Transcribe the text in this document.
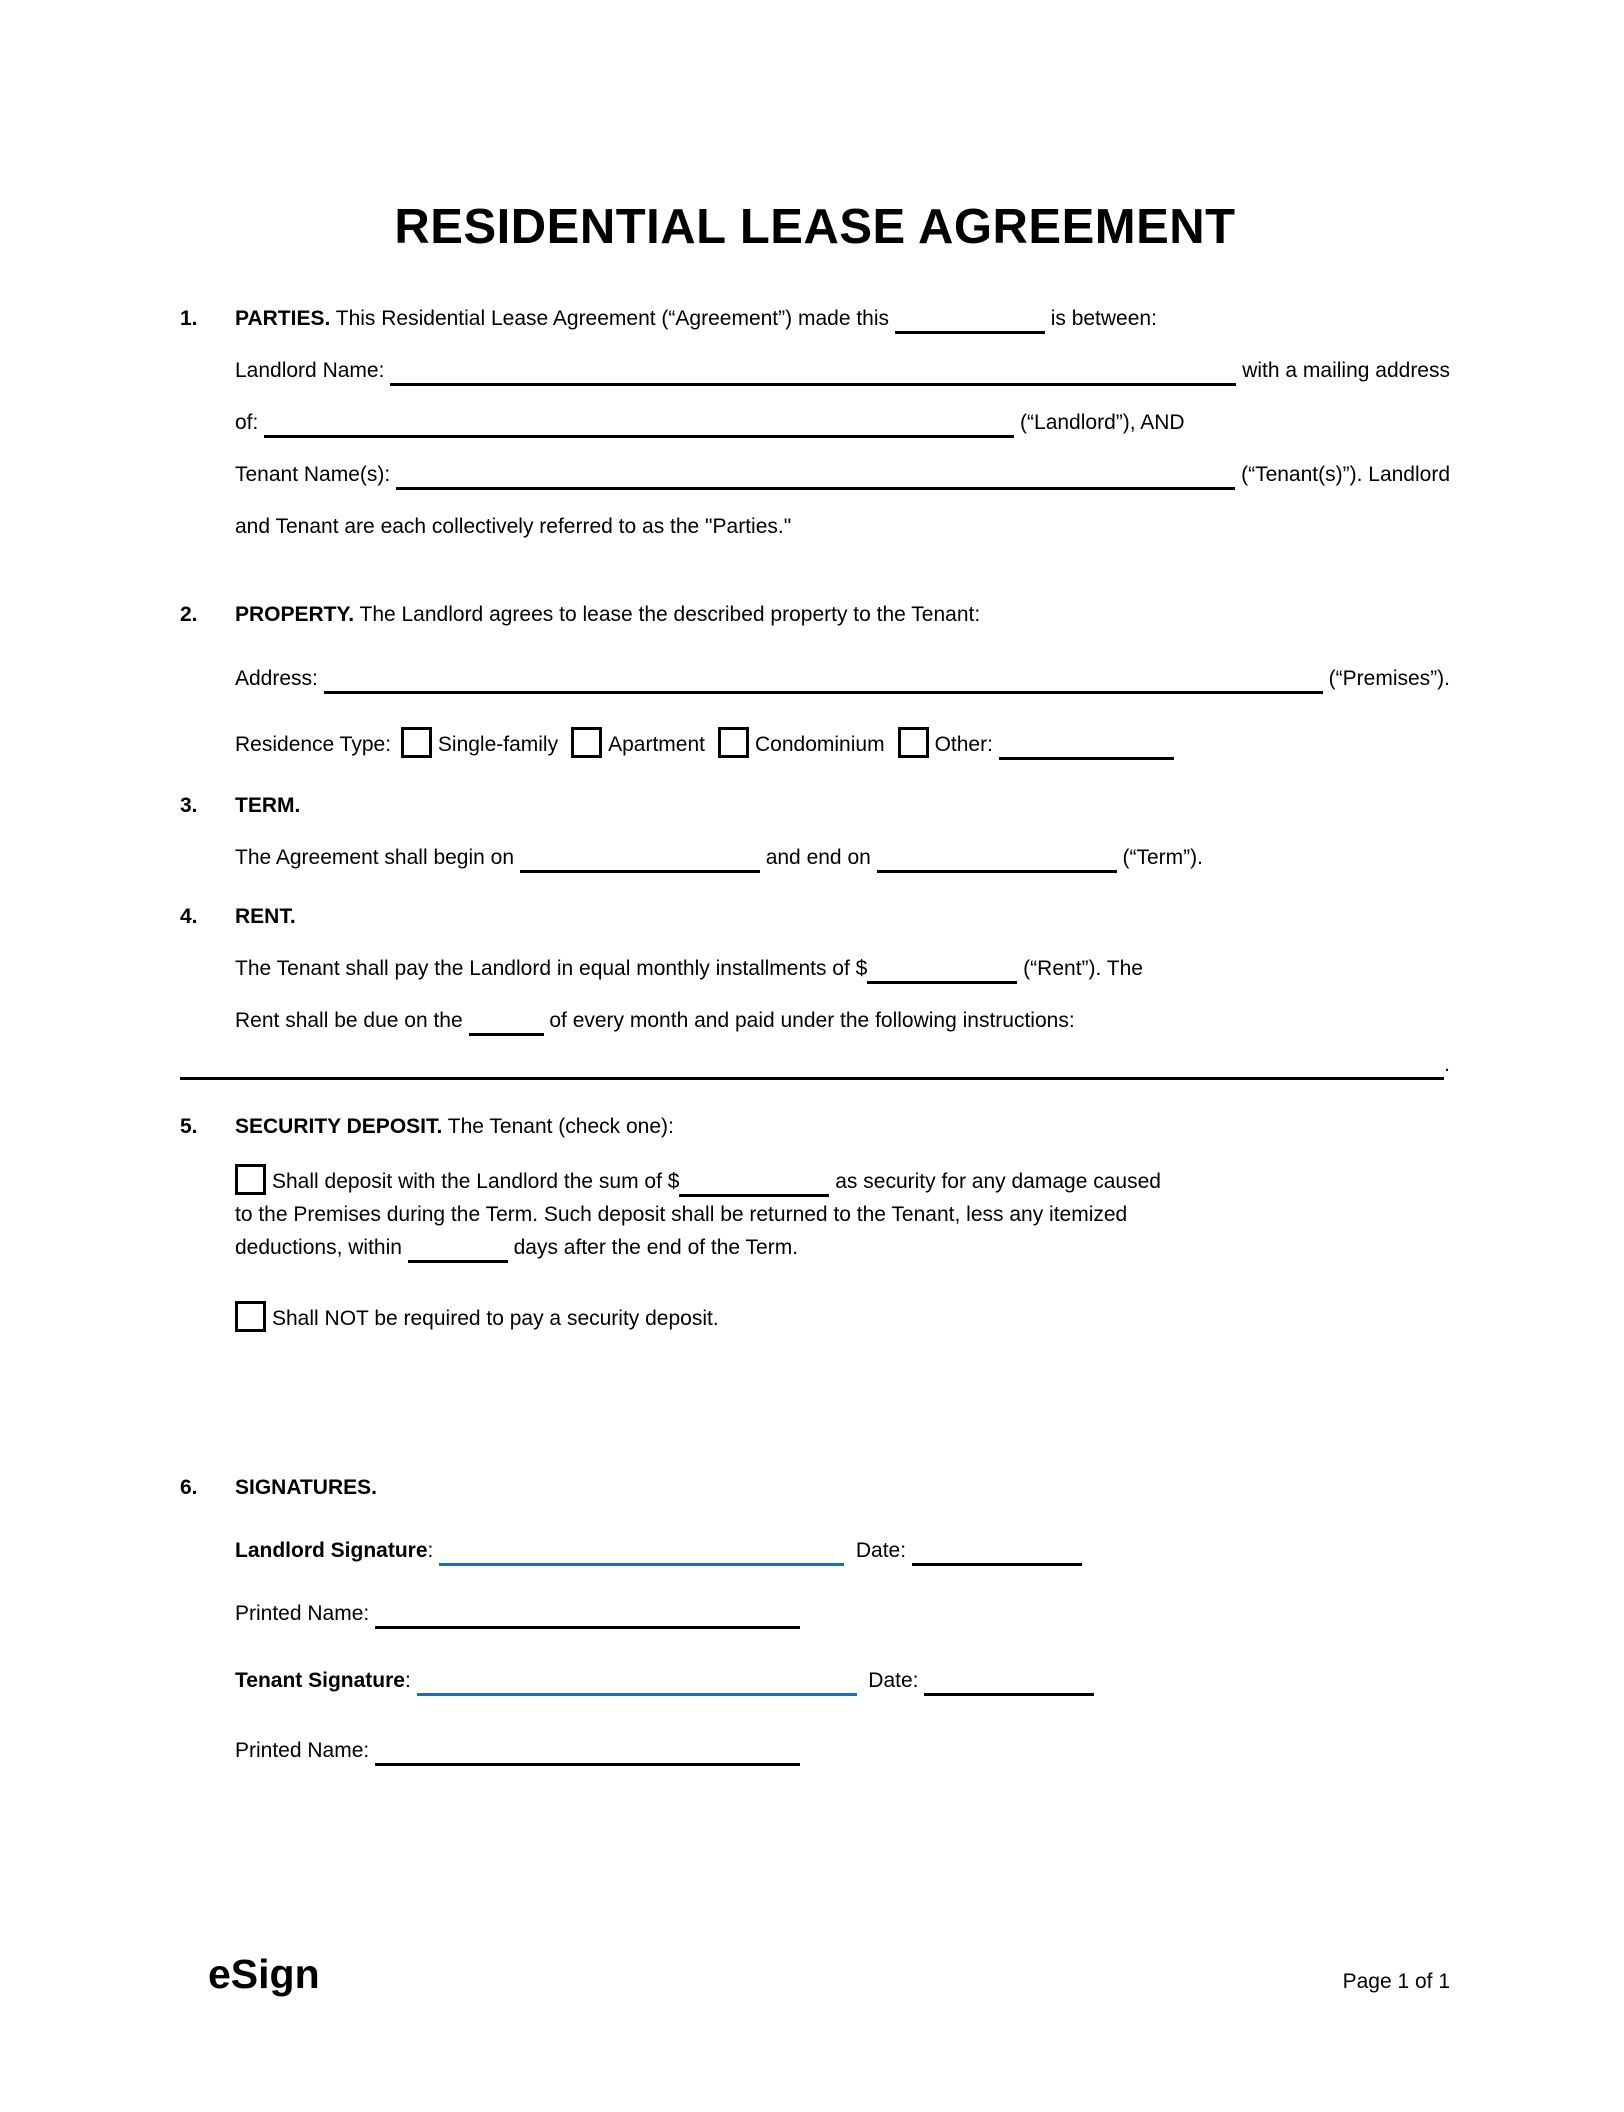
RESIDENTIAL LEASE AGREEMENT
1. PARTIES. This Residential Lease Agreement (“Agreement”) made this	is between:
Landlord Name:
	with a mailing address
of:	(“Landlord”), AND
Tenant Name(s):
	(“Tenant(s)”). Landlord
and Tenant are each collectively referred to as the "Parties."
2. PROPERTY. The Landlord agrees to lease the described property to the Tenant:
Address:
	(“Premises”).
Residence Type: Single-family Apartment Condominium Other:
3. TERM.
The Agreement shall begin on	and end on	(“Term”).
4. RENT.
The Tenant shall pay the Landlord in equal monthly installments of $	(“Rent”). The
Rent shall be due on the	of every month and paid under the following instructions:

.
5. SECURITY DEPOSIT. The Tenant (check one):
Shall deposit with the Landlord the sum of $	as security for any damage caused
to the Premises during the Term. Such deposit shall be returned to the Tenant, less any itemized
deductions, within	days after the end of the Term.
Shall NOT be required to pay a security deposit.
6. SIGNATURES.
Landlord Signature:	Date:
Printed Name:
Tenant Signature:	Date:
Printed Name:
eSign	Page 1 of 1
